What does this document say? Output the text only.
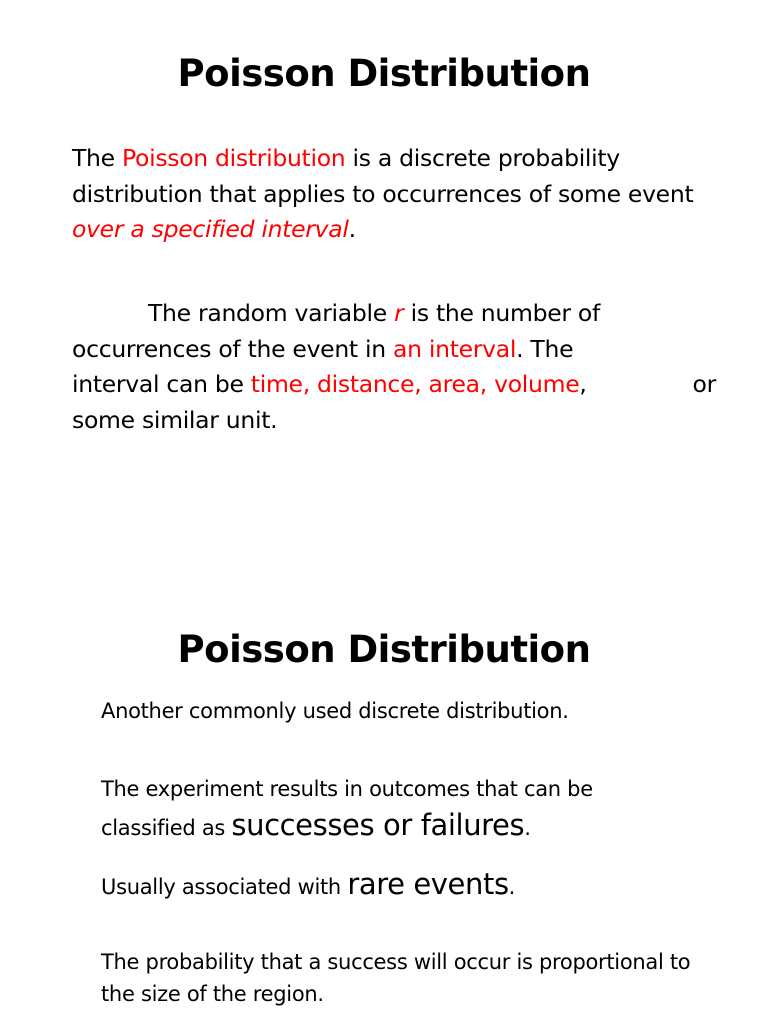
Poisson Distribution
The Poisson distribution is a discrete probability distribution that applies to occurrences of some event over a specified interval.
The random variable r is the number of occurrences of the event in an interval. The
interval can be time, distance, area, volume,	or
some similar unit.
Poisson Distribution
Another commonly used discrete distribution.
The experiment results in outcomes that can be
classified as successes or failures.
Usually associated with rare events.
The probability that a success will occur is proportional to the size of the region.
